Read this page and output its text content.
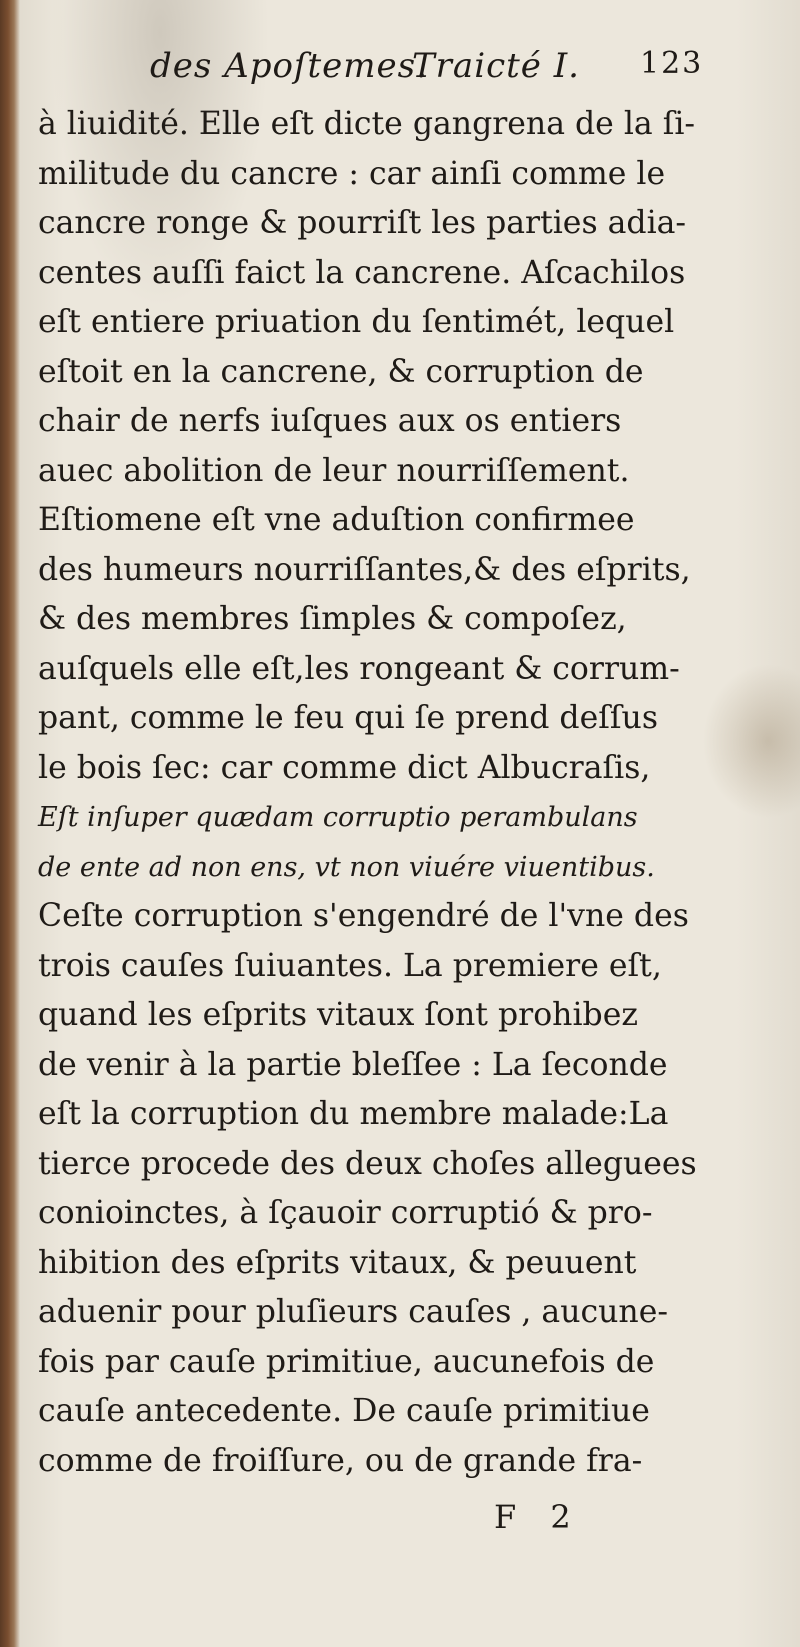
des Apoſtemes.
Traicté I. 123
à liuidité. Elle eſt dicte gangrena de la ſi-
militude du cancre : car ainſi comme le
cancre ronge & pourriſt les parties adia-
centes auſſi faict la cancrene. Aſcachilos
eſt entiere priuation du ſentimét, lequel
eſtoit en la cancrene, & corruption de
chair de nerfs iuſques aux os entiers
auec abolition de leur nourriſſement.
Eſtiomene eſt vne aduſtion confirmee
des humeurs nourriſſantes,& des eſprits,
& des membres ſimples & compoſez,
auſquels elle eſt,les rongeant & corrum-
pant, comme le feu qui ſe prend deſſus
le bois ſec: car comme dict Albucraſis,
Eſt inſuper quædam corruptio perambulans
de ente ad non ens, vt non viuére viuentibus.
Ceſte corruption s'engendré de l'vne des
trois cauſes ſuiuantes. La premiere eſt,
quand les eſprits vitaux ſont prohibez
de venir à la partie bleſſee : La ſeconde
eſt la corruption du membre malade:La
tierce procede des deux choſes alleguees
conioinctes, à ſçauoir corruptió & pro-
hibition des eſprits vitaux, & peuuent
aduenir pour pluſieurs cauſes , aucune-
fois par cauſe primitiue, aucunefois de
cauſe antecedente. De cauſe primitiue
comme de froiſſure, ou de grande fra-
F 2
